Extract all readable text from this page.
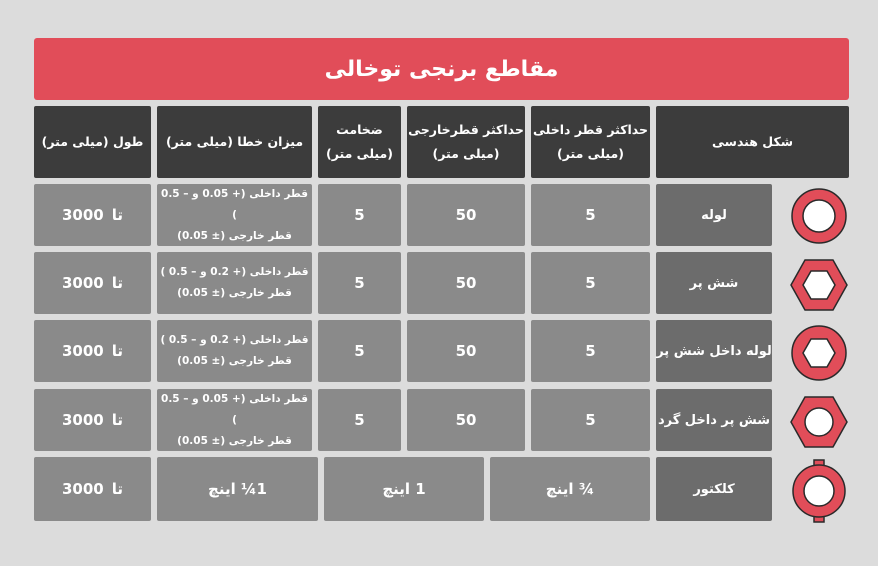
مقاطع برنجی توخالی
شکل هندسی
حداکثر قطر داخلی
(میلی متر)
حداکثر قطرخارجی
(میلی متر)
ضخامت
(میلی متر)
میزان خطا (میلی متر)
طول (میلی متر)
لوله
5
50
5
قطر داخلی (+ 0.05 و – 0.5 )
قطر خارجی (± 0.05)
تا
3000
شش پر
5
50
5
قطر داخلی (+ 0.2 و – 0.5 )
قطر خارجی (± 0.05)
تا
3000
لوله داخل شش پر
5
50
5
قطر داخلی (+ 0.2 و – 0.5 )
قطر خارجی (± 0.05)
تا
3000
شش پر داخل گرد
5
50
5
قطر داخلی (+ 0.05 و – 0.5 )
قطر خارجی (± 0.05)
تا
3000
کلکتور
¾ اینچ
1 اینچ
1¼ اینچ
تا
3000
